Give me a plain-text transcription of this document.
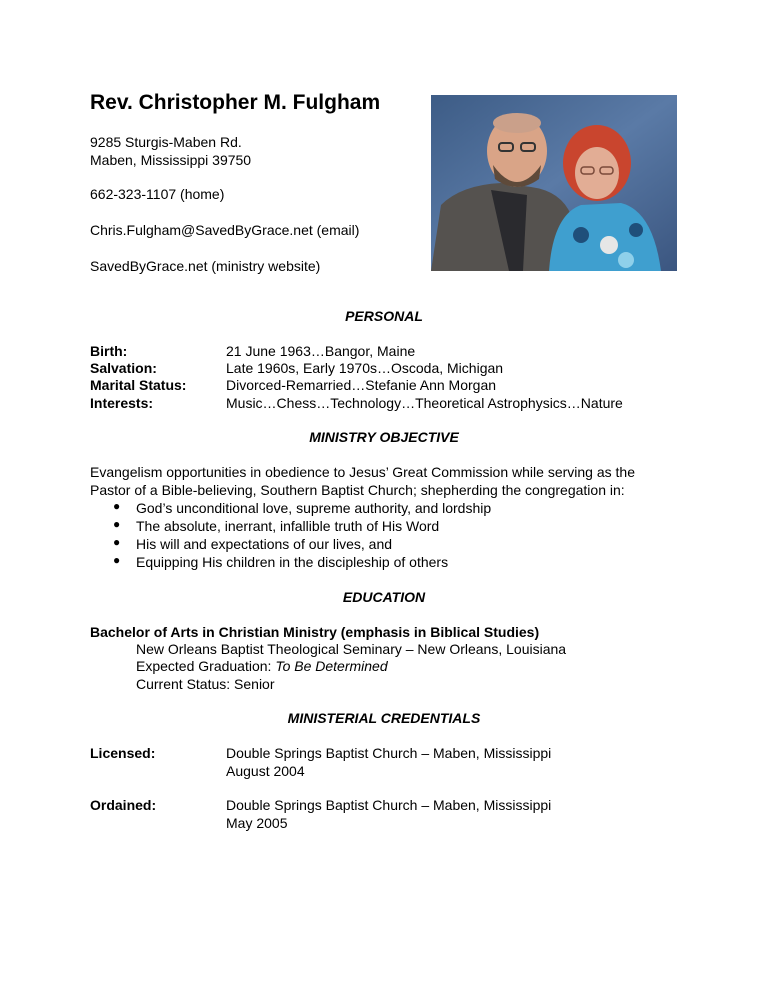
Rev. Christopher M. Fulgham
9285 Sturgis-Maben Rd.
Maben, Mississippi 39750
662-323-1107 (home)
Chris.Fulgham@SavedByGrace.net (email)
SavedByGrace.net (ministry website)
PERSONAL
Birth:	21 June 1963…Bangor, Maine
Salvation:	Late 1960s, Early 1970s…Oscoda, Michigan
Marital Status:	Divorced-Remarried…Stefanie Ann Morgan
Interests:	Music…Chess…Technology…Theoretical Astrophysics…Nature
MINISTRY OBJECTIVE
Evangelism opportunities in obedience to Jesus’ Great Commission while serving as the
Pastor of a Bible-believing, Southern Baptist Church; shepherding the congregation in:
● God’s unconditional love, supreme authority, and lordship
● The absolute, inerrant, infallible truth of His Word
● His will and expectations of our lives, and
● Equipping His children in the discipleship of others
EDUCATION
Bachelor of Arts in Christian Ministry (emphasis in Biblical Studies)
New Orleans Baptist Theological Seminary – New Orleans, Louisiana
Expected Graduation: To Be Determined
Current Status: Senior
MINISTERIAL CREDENTIALS
Licensed:	Double Springs Baptist Church – Maben, Mississippi
August 2004
Ordained:	Double Springs Baptist Church – Maben, Mississippi
May 2005
